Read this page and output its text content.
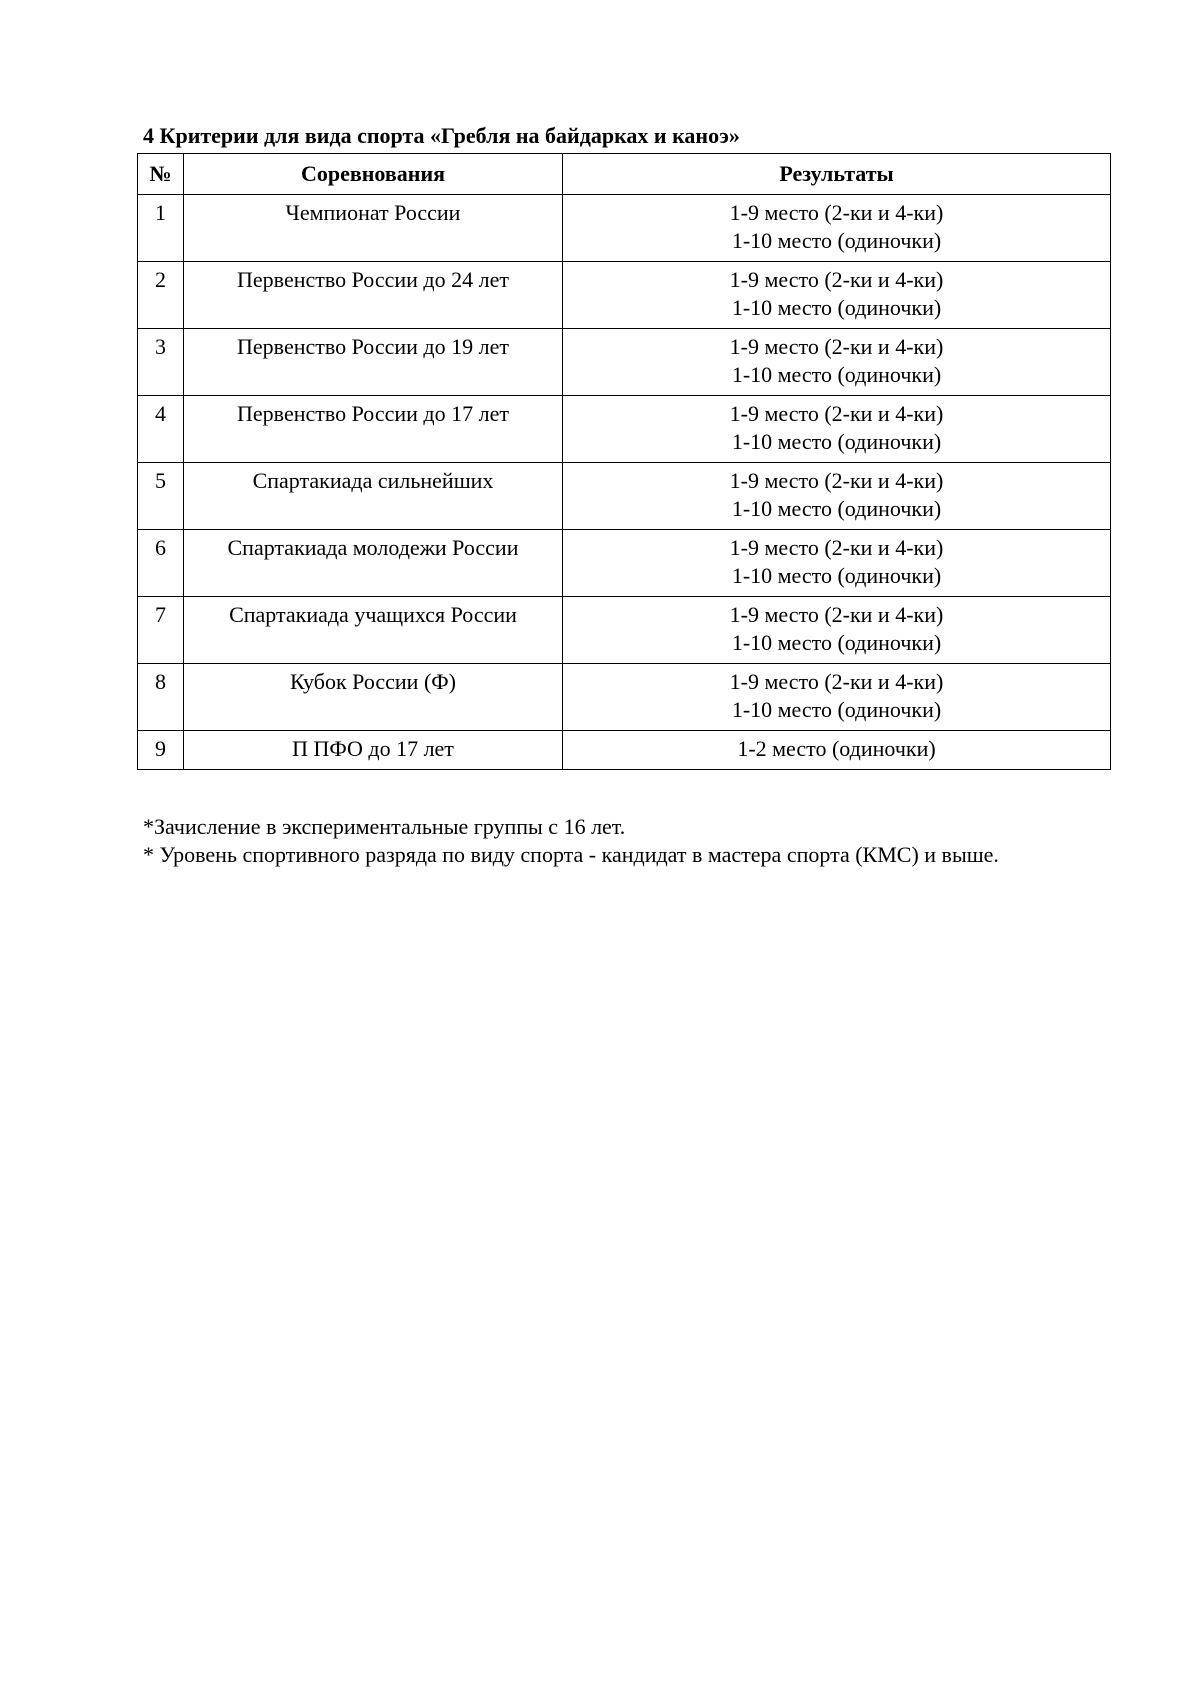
4 Критерии для вида спорта «Гребля на байдарках и каноэ»
№	Соревнования	Результаты
1	Чемпионат России	1-9 место (2-ки и 4-ки)
1-10 место (одиночки)

2	Первенство России до 24 лет	1-9 место (2-ки и 4-ки)
1-10 место (одиночки)

3	Первенство России до 19 лет	1-9 место (2-ки и 4-ки)
1-10 место (одиночки)

4	Первенство России до 17 лет	1-9 место (2-ки и 4-ки)
1-10 место (одиночки)

5	Спартакиада сильнейших	1-9 место (2-ки и 4-ки)
1-10 место (одиночки)

6	Спартакиада молодежи России	1-9 место (2-ки и 4-ки)
1-10 место (одиночки)

7	Спартакиада учащихся России	1-9 место (2-ки и 4-ки)
1-10 место (одиночки)

8	Кубок России (Ф)	1-9 место (2-ки и 4-ки)
1-10 место (одиночки)

9	П ПФО до 17 лет	1-2 место (одиночки)
*Зачисление в экспериментальные группы с 16 лет.
* Уровень спортивного разряда по виду спорта - кандидат в мастера спорта (КМС) и выше.
